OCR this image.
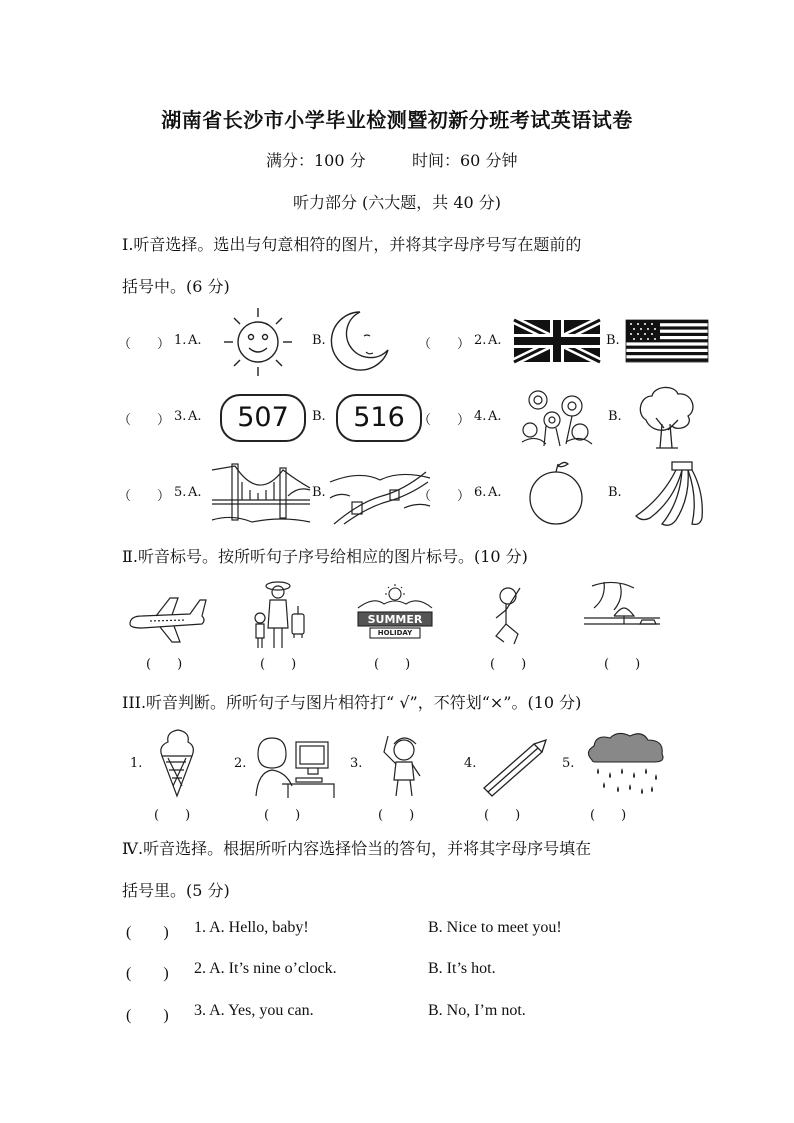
湖南省长沙市小学毕业检测暨初新分班考试英语试卷
满分：100 分	时间：60 分钟
听力部分 (六大题，共 40 分)
Ⅰ.听音选择。选出与句意相符的图片，并将其字母序号写在题前的
括号中。(6 分)
（　　） 1. A.	B.	（　　） 2. A.	B.
（　　） 3. A.	507	B.	516	（　　） 4. A.	B.
（　　） 5. A.	B.	（　　） 6. A.	B.
Ⅱ.听音标号。按所听句子序号给相应的图片标号。(10 分)
(　　)	(　　)
SUMMER
HOLIDAY
(　　)	(　　)	(　　)
III.听音判断。所听句子与图片相符打“ √”，不符划“×”。(10 分)
1.
(　　)
2.
(　　)
3.
(　　)
4.
(　　)
5.
(　　)
Ⅳ.听音选择。根据所听内容选择恰当的答句，并将其字母序号填在
括号里。(5 分)
(　　) 1. A. Hello, baby!	B. Nice to meet you!
(　　) 2. A. It’s nine o’clock.	B. It’s hot.
(　　) 3. A. Yes, you can.	B. No, I’m not.
